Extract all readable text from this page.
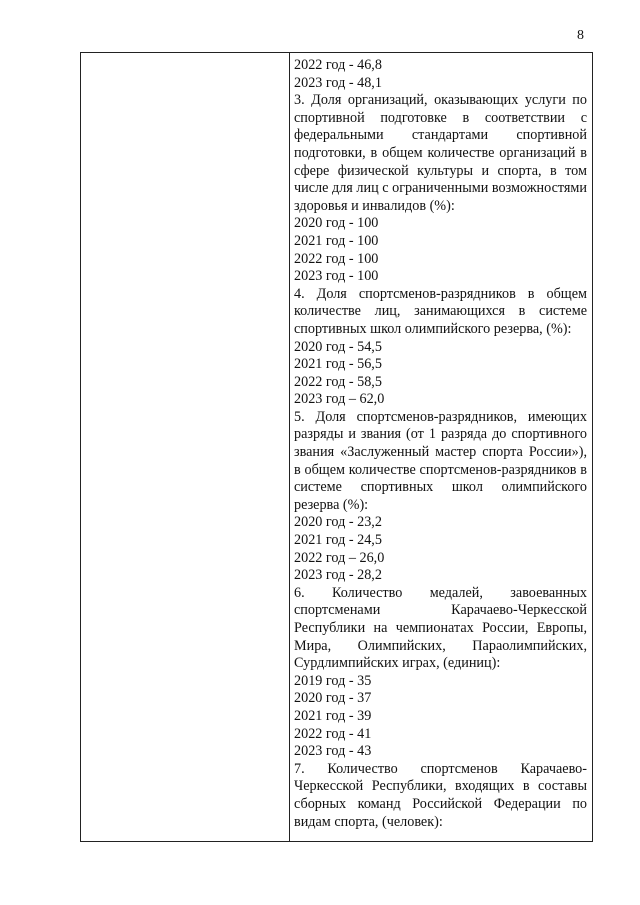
8

2022 год - 46,8
2023 год - 48,1
3. Доля организаций, оказывающих услуги по спортивной подготовке в соответствии с федеральными стандартами спортивной подготовки, в общем количестве организаций в сфере физической культуры и спорта, в том числе для лиц с ограниченными возможностями здоровья и инвалидов (%):
2020 год - 100
2021 год - 100
2022 год - 100
2023 год - 100
4. Доля спортсменов-разрядников в общем количестве лиц, занимающихся в системе спортивных школ олимпийского резерва, (%):
2020 год - 54,5
2021 год - 56,5
2022 год - 58,5
2023 год – 62,0
5. Доля спортсменов-разрядников, имеющих разряды и звания (от 1 разряда до спортивного звания «Заслуженный мастер спорта России»), в общем количестве спортсменов-разрядников в системе спортивных школ олимпийского резерва (%):
2020 год - 23,2
2021 год - 24,5
2022 год – 26,0
2023 год - 28,2
6. Количество медалей, завоеванных спортсменами Карачаево-Черкесской Республики на чемпионатах России, Европы, Мира, Олимпийских, Параолимпийских, Сурдлимпийских играх, (единиц):
2019 год - 35
2020 год - 37
2021 год - 39
2022 год - 41
2023 год - 43
7. Количество спортсменов Карачаево-Черкесской Республики, входящих в составы сборных команд Российской Федерации по видам спорта, (человек):
